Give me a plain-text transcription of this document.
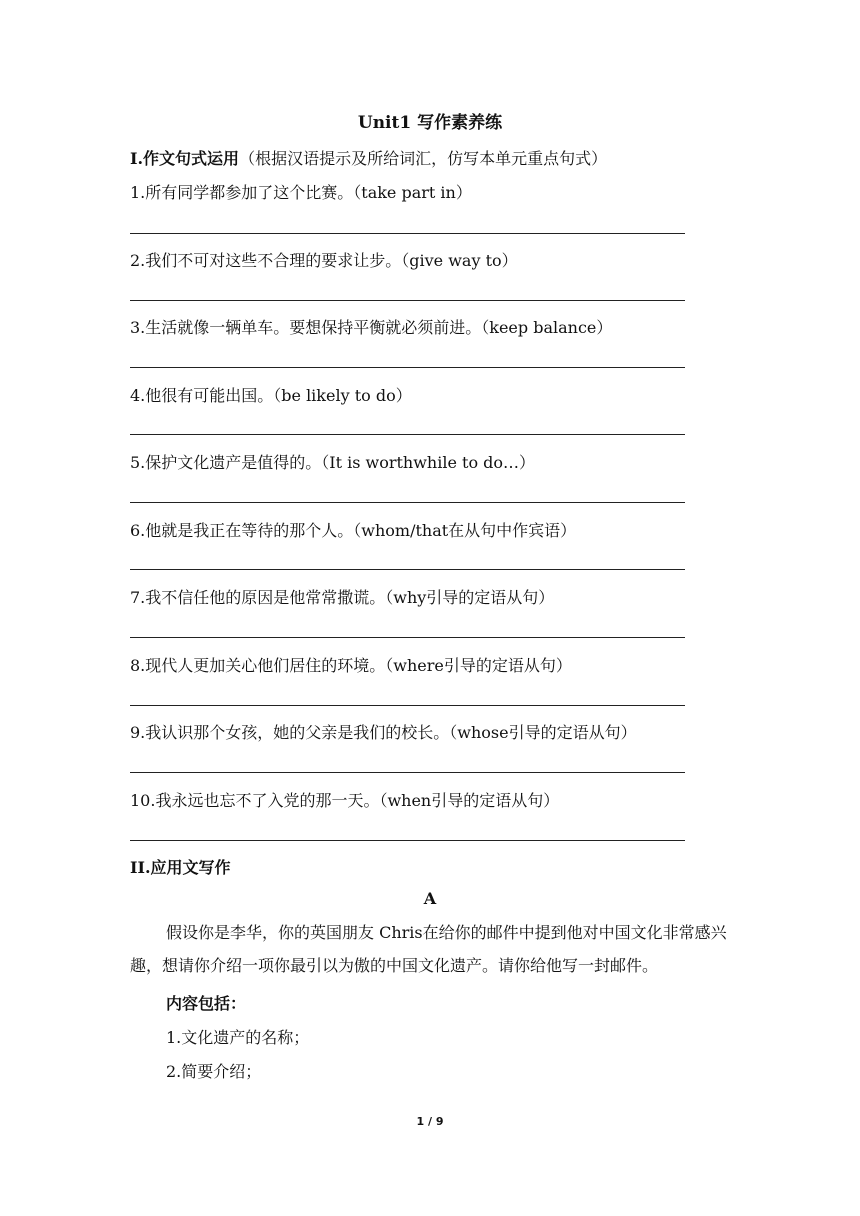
Unit1 写作素养练
I.作文句式运用（根据汉语提示及所给词汇，仿写本单元重点句式）
1.所有同学都参加了这个比赛。（take part in）
2.我们不可对这些不合理的要求让步。（give way to）
3.生活就像一辆单车。要想保持平衡就必须前进。（keep balance）
4.他很有可能出国。（be likely to do）
5.保护文化遗产是值得的。（It is worthwhile to do…）
6.他就是我正在等待的那个人。（whom/that在从句中作宾语）
7.我不信任他的原因是他常常撒谎。（why引导的定语从句）
8.现代人更加关心他们居住的环境。（where引导的定语从句）
9.我认识那个女孩，她的父亲是我们的校长。（whose引导的定语从句）
10.我永远也忘不了入党的那一天。（when引导的定语从句）
II.应用文写作
A
假设你是李华，你的英国朋友 Chris在给你的邮件中提到他对中国文化非常感兴趣，想请你介绍一项你最引以为傲的中国文化遗产。请你给他写一封邮件。
内容包括：
1.文化遗产的名称；
2.简要介绍；
1 / 9
